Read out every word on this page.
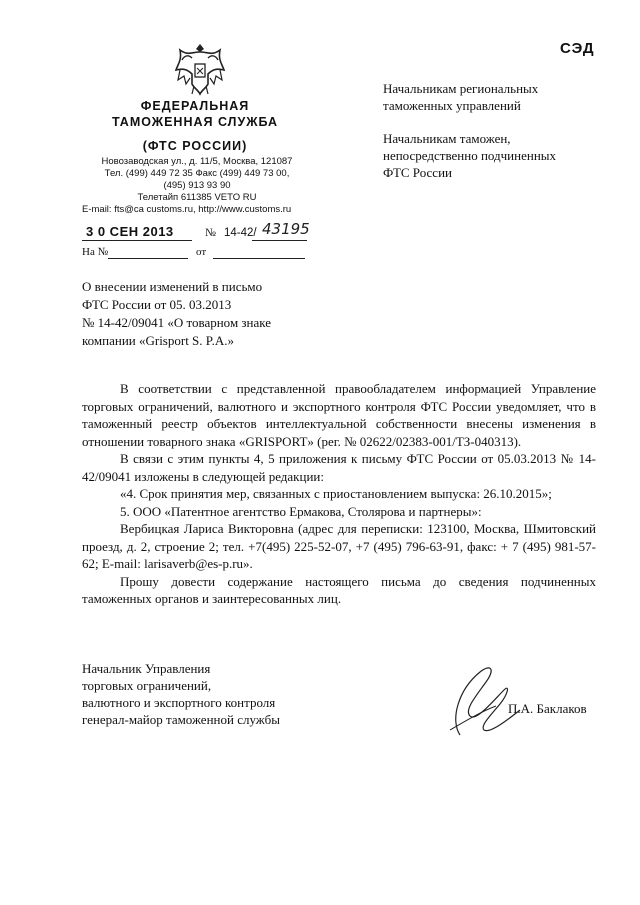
СЭД
ФЕДЕРАЛЬНАЯ
ТАМОЖЕННАЯ СЛУЖБА
(ФТС РОССИИ)
Новозаводская ул., д. 11/5, Москва, 121087
Тел. (499) 449 72 35 Факс (499) 449 73 00,
(495) 913 93 90
Телетайп 611385 VETO RU
E-mail: fts@ca customs.ru, http://www.customs.ru
Начальникам региональных
таможенных управлений
Начальникам таможен,
непосредственно подчиненных
ФТС России
3 0 СЕН 2013	№ 14-42/ 43195
На №	от
О внесении изменений в письмо
ФТС России от 05. 03.2013
№ 14-42/09041 «О товарном знаке
компании «Grisport S. P.A.»

В соответствии с представленной правообладателем информацией Управление торговых ограничений, валютного и экспортного контроля ФТС России уведомляет, что в таможенный реестр объектов интеллектуальной собственности внесены изменения в отношении товарного знака «GRISPORT» (рег. № 02622/02383-001/ТЗ-040313).

В связи с этим пункты 4, 5 приложения к письму ФТС России от 05.03.2013 № 14-42/09041 изложены в следующей редакции:

«4. Срок принятия мер, связанных с приостановлением выпуска: 26.10.2015»;

5. ООО «Патентное агентство Ермакова, Столярова и партнеры»:

Вербицкая Лариса Викторовна (адрес для переписки: 123100, Москва, Шмитовский проезд, д. 2, строение 2; тел. +7(495) 225-52-07, +7 (495) 796-63-91, факс: + 7 (495) 981-57-62; E-mail: larisaverb@es-p.ru».

Прошу довести содержание настоящего письма до сведения подчиненных таможенных органов и заинтересованных лиц.

Начальник Управления
торговых ограничений,
валютного и экспортного контроля
генерал-майор таможенной службы
П.А. Баклаков
